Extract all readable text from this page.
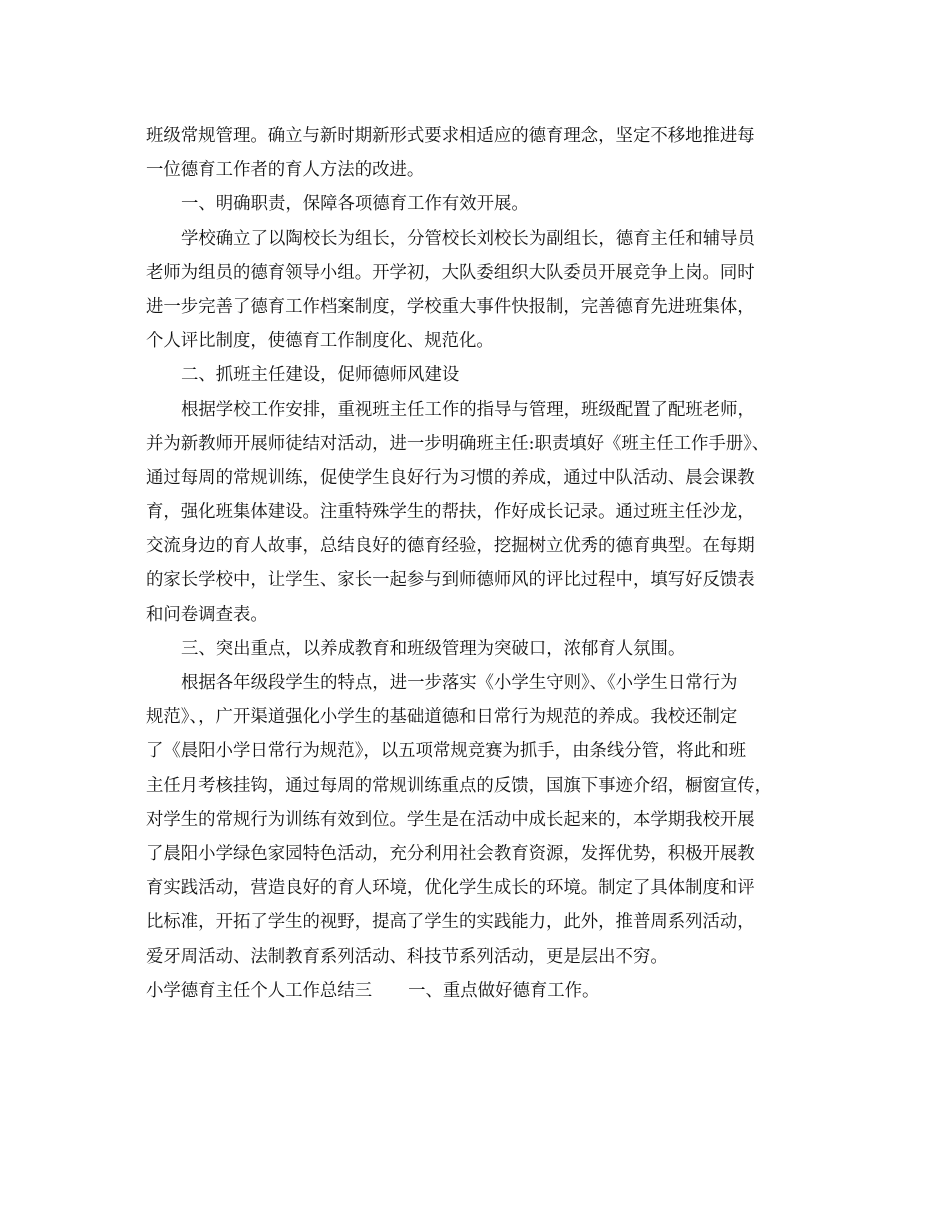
班级常规管理。确立与新时期新形式要求相适应的德育理念，坚定不移地推进每
一位德育工作者的育人方法的改进。
一、明确职责，保障各项德育工作有效开展。
学校确立了以陶校长为组长，分管校长刘校长为副组长，德育主任和辅导员
老师为组员的德育领导小组。开学初，大队委组织大队委员开展竞争上岗。同时
进一步完善了德育工作档案制度，学校重大事件快报制，完善德育先进班集体，
个人评比制度，使德育工作制度化、规范化。
二、抓班主任建设，促师德师风建设
根据学校工作安排，重视班主任工作的指导与管理，班级配置了配班老师，
并为新教师开展师徒结对活动，进一步明确班主任:职责填好《班主任工作手册》、
通过每周的常规训练，促使学生良好行为习惯的养成，通过中队活动、晨会课教
育，强化班集体建设。注重特殊学生的帮扶，作好成长记录。通过班主任沙龙，
交流身边的育人故事，总结良好的德育经验，挖掘树立优秀的德育典型。在每期
的家长学校中，让学生、家长一起参与到师德师风的评比过程中，填写好反馈表
和问卷调查表。
三、突出重点，以养成教育和班级管理为突破口，浓郁育人氛围。
根据各年级段学生的特点，进一步落实《小学生守则》、《小学生日常行为
规范》、，广开渠道强化小学生的基础道德和日常行为规范的养成。我校还制定
了《晨阳小学日常行为规范》，以五项常规竞赛为抓手，由条线分管，将此和班
主任月考核挂钩，通过每周的常规训练重点的反馈，国旗下事迹介绍，橱窗宣传，
对学生的常规行为训练有效到位。学生是在活动中成长起来的，本学期我校开展
了晨阳小学绿色家园特色活动，充分利用社会教育资源，发挥优势，积极开展教
育实践活动，营造良好的育人环境，优化学生成长的环境。制定了具体制度和评
比标准，开拓了学生的视野，提高了学生的实践能力，此外，推普周系列活动，
爱牙周活动、法制教育系列活动、科技节系列活动，更是层出不穷。
小学德育主任个人工作总结三 一、重点做好德育工作。
